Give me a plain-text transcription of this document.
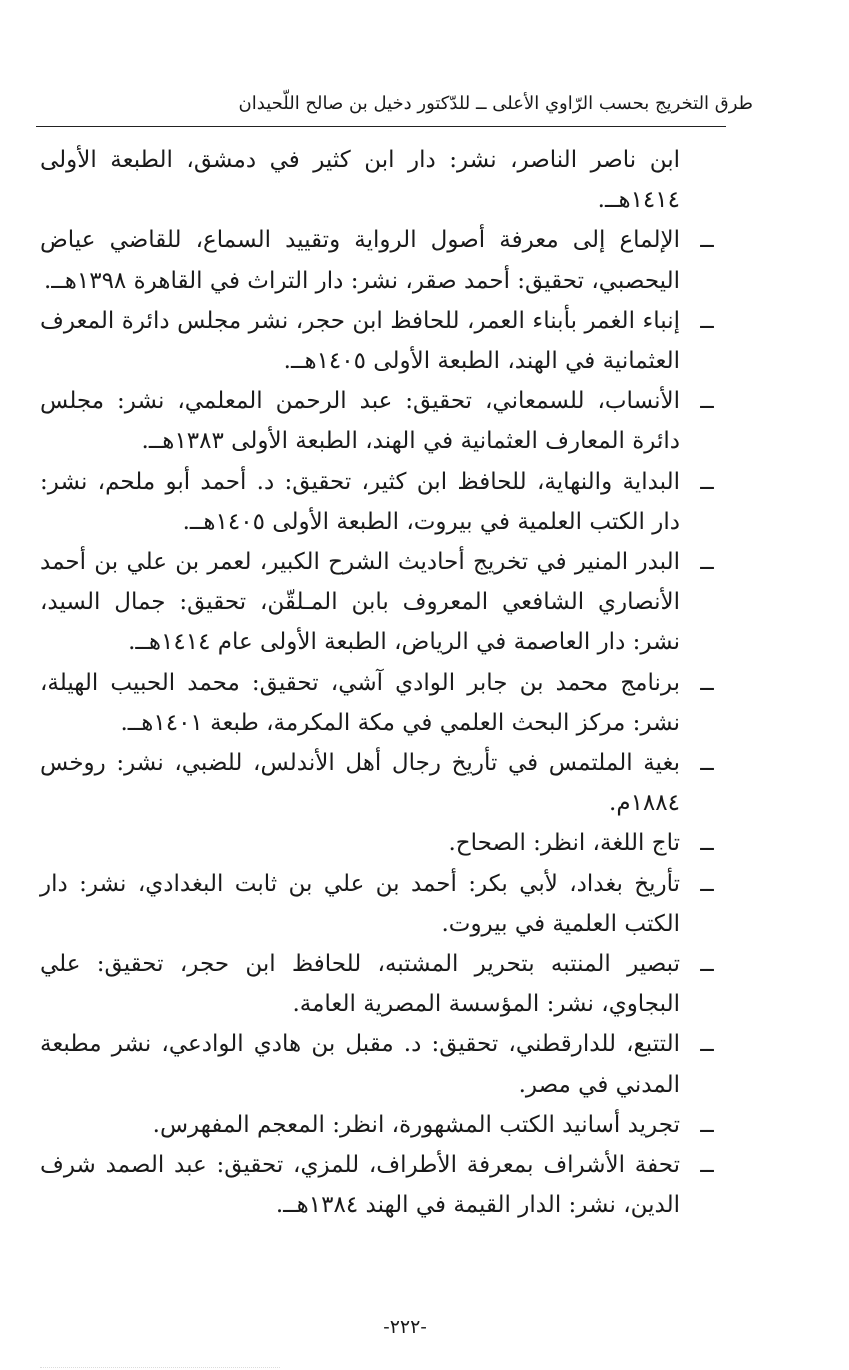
طرق التخريج بحسب الرّاوي الأعلى ــ للدّكتور دخيل بن صالح اللّحيدان
ابن ناصر الناصر، نشر: دار ابن كثير في دمشق، الطبعة الأولى ١٤١٤هــ.
ــ
الإلماع إلى معرفة أصول الرواية وتقييد السماع، للقاضي عياض اليحصبي، تحقيق: أحمد صقر، نشر: دار التراث في القاهرة ١٣٩٨هــ.
ــ
إنباء الغمر بأبناء العمر، للحافظ ابن حجر، نشر مجلس دائرة المعرف العثمانية في الهند، الطبعة الأولى ١٤٠٥هــ.
ــ
الأنساب، للسمعاني، تحقيق: عبد الرحمن المعلمي، نشر: مجلس دائرة المعارف العثمانية في الهند، الطبعة الأولى ١٣٨٣هــ.
ــ
البداية والنهاية، للحافظ ابن كثير، تحقيق: د. أحمد أبو ملحم، نشر: دار الكتب العلمية في بيروت، الطبعة الأولى ١٤٠٥هــ.
ــ
البدر المنير في تخريج أحاديث الشرح الكبير، لعمر بن علي بن أحمد الأنصاري الشافعي المعروف بابن المـلقّن، تحقيق: جمال السيد، نشر: دار العاصمة في الرياض، الطبعة الأولى عام ١٤١٤هــ.
ــ
برنامج محمد بن جابر الوادي آشي، تحقيق: محمد الحبيب الهيلة، نشر: مركز البحث العلمي في مكة المكرمة، طبعة ١٤٠١هــ.
ــ
بغية الملتمس في تأريخ رجال أهل الأندلس، للضبي، نشر: روخس ١٨٨٤م.
ــ
تاج اللغة، انظر: الصحاح.
ــ
تأريخ بغداد، لأبي بكر: أحمد بن علي بن ثابت البغدادي، نشر: دار الكتب العلمية في بيروت.
ــ
تبصير المنتبه بتحرير المشتبه، للحافظ ابن حجر، تحقيق: علي البجاوي، نشر: المؤسسة المصرية العامة.
ــ
التتبع، للدارقطني، تحقيق: د. مقبل بن هادي الوادعي، نشر مطبعة المدني في مصر.
ــ
تجريد أسانيد الكتب المشهورة، انظر: المعجم المفهرس.
ــ
تحفة الأشراف بمعرفة الأطراف، للمزي، تحقيق: عبد الصمد شرف الدين، نشر: الدار القيمة في الهند ١٣٨٤هــ.
-٢٢٢-
